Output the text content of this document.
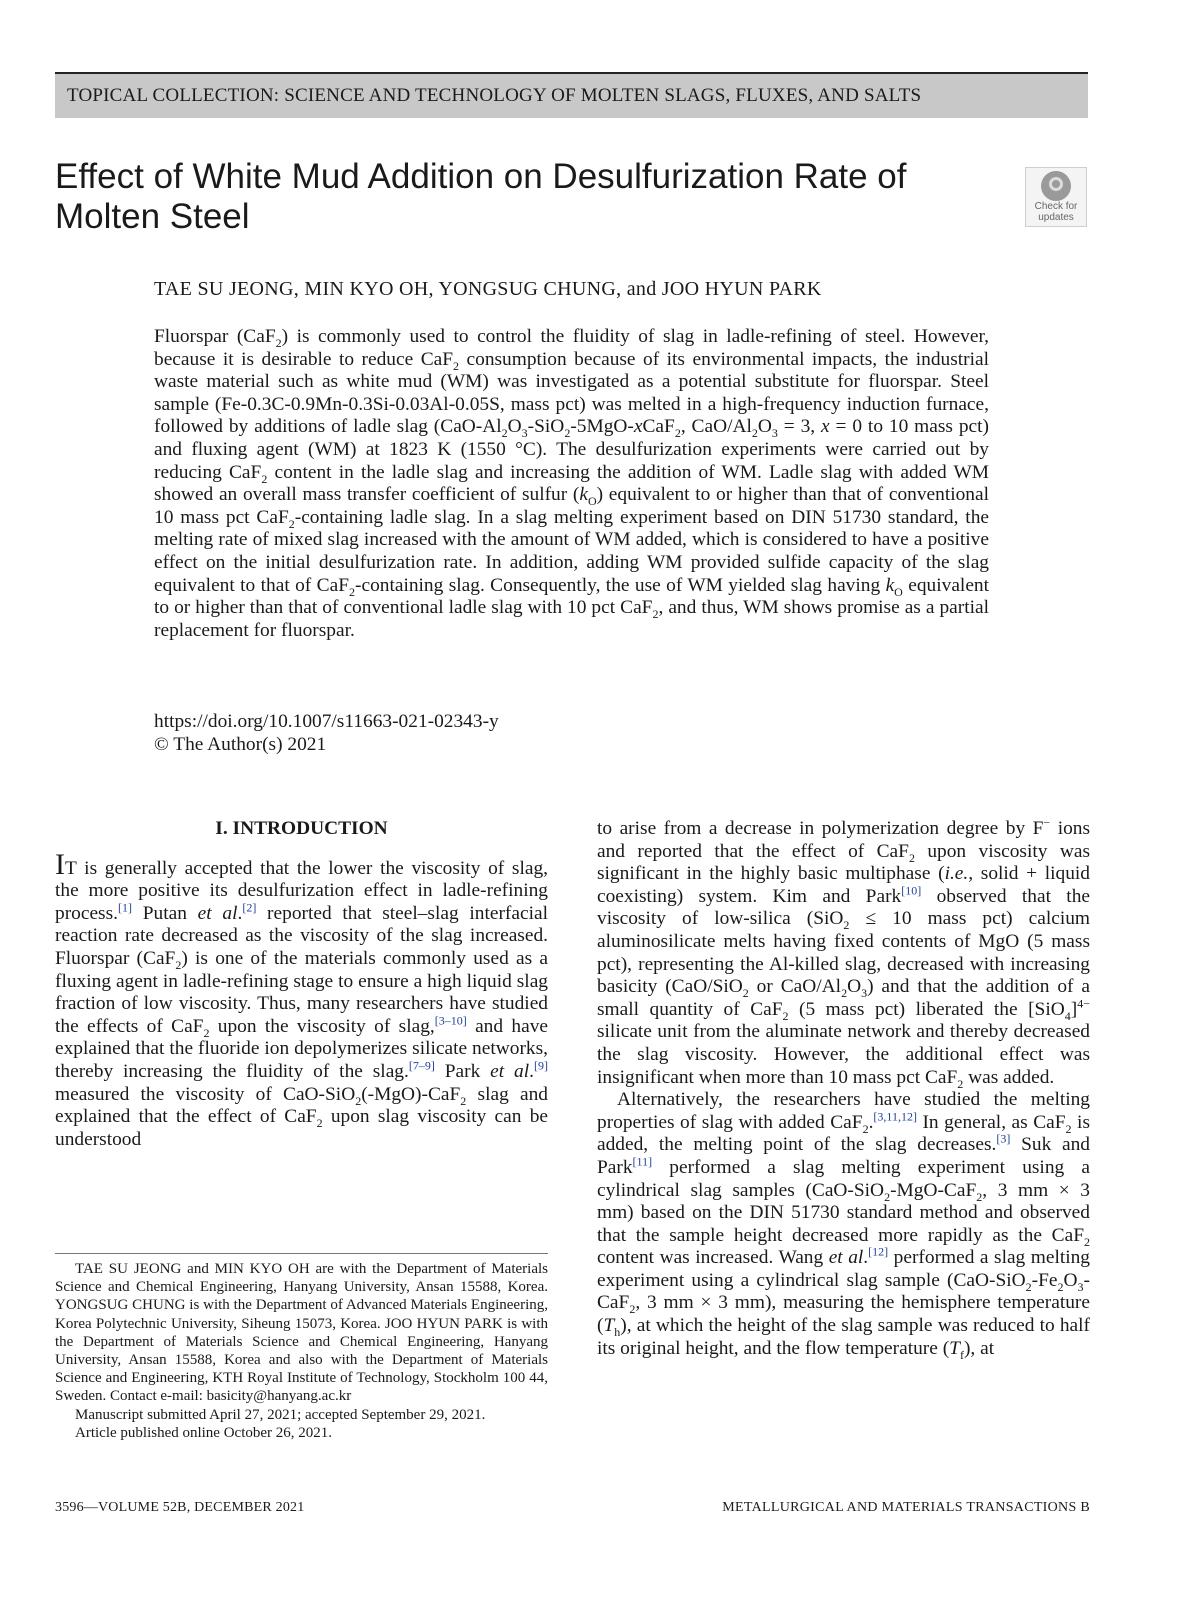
TOPICAL COLLECTION: SCIENCE AND TECHNOLOGY OF MOLTEN SLAGS, FLUXES, AND SALTS
Effect of White Mud Addition on Desulfurization Rate of Molten Steel	Check for
updates
TAE SU JEONG, MIN KYO OH, YONGSUG CHUNG, and JOO HYUN PARK

Fluorspar (CaF$_2$) is commonly used to control the fluidity of slag in ladle-refining of steel. However, because it is desirable to reduce CaF$_2$ consumption because of its environmental impacts, the industrial waste material such as white mud (WM) was investigated as a potential substitute for fluorspar. Steel sample (Fe-0.3C-0.9Mn-0.3Si-0.03Al-0.05S, mass pct) was melted in a high-frequency induction furnace, followed by additions of ladle slag ($CaO-Al_2O_3-SiO_2-5MgO-xCaF_2$, CaO/$Al_2O_3 = 3$, x = 0 to 10 mass pct) and fluxing agent (WM) at 1823 K (1550 °C). The desulfurization experiments were carried out by reducing CaF$_2$ content in the ladle slag and increasing the addition of WM. Ladle slag with added WM showed an overall mass transfer coefficient of sulfur $(k_O)$ equivalent to or higher than that of conventional 10 mass pct CaF$_2$-containing ladle slag. In a slag melting experiment based on DIN 51730 standard, the melting rate of mixed slag increased with the amount of WM added, which is considered to have a positive effect on the initial desulfurization rate. In addition, adding WM provided sulfide capacity of the slag equivalent to that of CaF$_2$-containing slag. Consequently, the use of WM yielded slag having $k_O$ equivalent to or higher than that of conventional ladle slag with 10 pct CaF$_2$, and thus, WM shows promise as a partial replacement for fluorspar.

https://doi.org/10.1007/s11663-021-02343-y
© The Author(s) 2021
I. INTRODUCTION

IT is generally accepted that the lower the viscosity of slag, the more positive its desulfurization effect in ladle-refining process.[1] Putan et al.[2] reported that steel–slag interfacial reaction rate decreased as the viscosity of the slag increased. Fluorspar (CaF$_2$) is one of the materials commonly used as a fluxing agent in ladle-refining stage to ensure a high liquid slag fraction of low viscosity. Thus, many researchers have studied the effects of CaF$_2$ upon the viscosity of slag,[3–10] and have explained that the fluoride ion depolymerizes silicate networks, thereby increasing the fluidity of the slag.[7–9] Park et al.[9] measured the viscosity of CaO-SiO$_2$(-MgO)-CaF$_2$ slag and explained that the effect of CaF$_2$ upon slag viscosity can be understood

to arise from a decrease in polymerization degree by F− ions and reported that the effect of CaF$_2$ upon viscosity was significant in the highly basic multiphase (i.e., solid + liquid coexisting) system. Kim and Park[10] observed that the viscosity of low-silica (SiO$_2$ ≤ 10 mass pct) calcium aluminosilicate melts having fixed contents of MgO (5 mass pct), representing the Al-killed slag, decreased with increasing basicity (CaO/SiO$_2$ or CaO/$Al_2O_3$) and that the addition of a small quantity of CaF$_2$ (5 mass pct) liberated the $[SiO_4]^{4-}$ silicate unit from the aluminate network and thereby decreased the slag viscosity. However, the additional effect was insignificant when more than 10 mass pct CaF$_2$ was added.

Alternatively, the researchers have studied the melting properties of slag with added CaF$_2$.[3,11,12] In general, as CaF$_2$ is added, the melting point of the slag decreases.[3] Suk and Park[11] performed a slag melting experiment using a cylindrical slag samples (CaO-SiO$_2$-MgO-CaF$_2$, 3 mm × 3 mm) based on the DIN 51730 standard method and observed that the sample height decreased more rapidly as the CaF$_2$ content was increased. Wang et al.[12] performed a slag melting experiment using a cylindrical slag sample ($CaO-SiO_2-Fe_2O_3-CaF_2$, 3 mm × 3 mm), measuring the hemisphere temperature $(T_h)$, at which the height of the slag sample was reduced to half its original height, and the flow temperature $(T_f)$, at

TAE SU JEONG and MIN KYO OH are with the Department of Materials Science and Chemical Engineering, Hanyang University, Ansan 15588, Korea. YONGSUG CHUNG is with the Department of Advanced Materials Engineering, Korea Polytechnic University, Siheung 15073, Korea. JOO HYUN PARK is with the Department of Materials Science and Chemical Engineering, Hanyang University, Ansan 15588, Korea and also with the Department of Materials Science and Engineering, KTH Royal Institute of Technology, Stockholm 100 44, Sweden. Contact e-mail: basicity@hanyang.ac.kr

Manuscript submitted April 27, 2021; accepted September 29, 2021.

Article published online October 26, 2021.

3596—VOLUME 52B, DECEMBER 2021	METALLURGICAL AND MATERIALS TRANSACTIONS B
